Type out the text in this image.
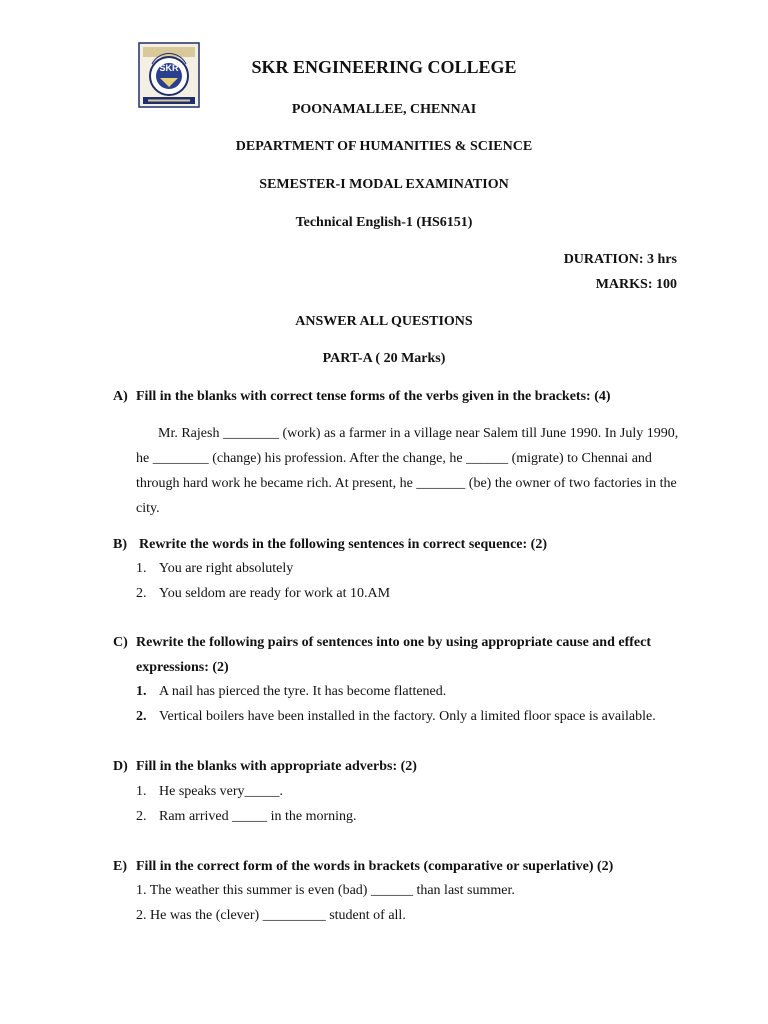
SKR	SKR ENGINEERING COLLEGE
POONAMALLEE, CHENNAI
DEPARTMENT OF HUMANITIES & SCIENCE
SEMESTER-I MODAL EXAMINATION
Technical English-1 (HS6151)
DURATION: 3 hrs
MARKS: 100
ANSWER ALL QUESTIONS
PART-A ( 20 Marks)
A) Fill in the blanks with correct tense forms of the verbs given in the brackets: (4)
Mr. Rajesh ________ (work) as a farmer in a village near Salem till June 1990. In July 1990,
he ________ (change) his profession. After the change, he ______ (migrate) to Chennai and
through hard work he became rich. At present, he _______ (be) the owner of two factories in the
city.
B) Rewrite the words in the following sentences in correct sequence: (2)
1. You are right absolutely
2. You seldom are ready for work at 10.AM
C) Rewrite the following pairs of sentences into one by using appropriate cause and effect
expressions: (2)
1. A nail has pierced the tyre. It has become flattened.
2. Vertical boilers have been installed in the factory. Only a limited floor space is available.
D) Fill in the blanks with appropriate adverbs: (2)
1. He speaks very_____.
2. Ram arrived _____ in the morning.
E) Fill in the correct form of the words in brackets (comparative or superlative) (2)
1. The weather this summer is even (bad) ______ than last summer.
2. He was the (clever) _________ student of all.
